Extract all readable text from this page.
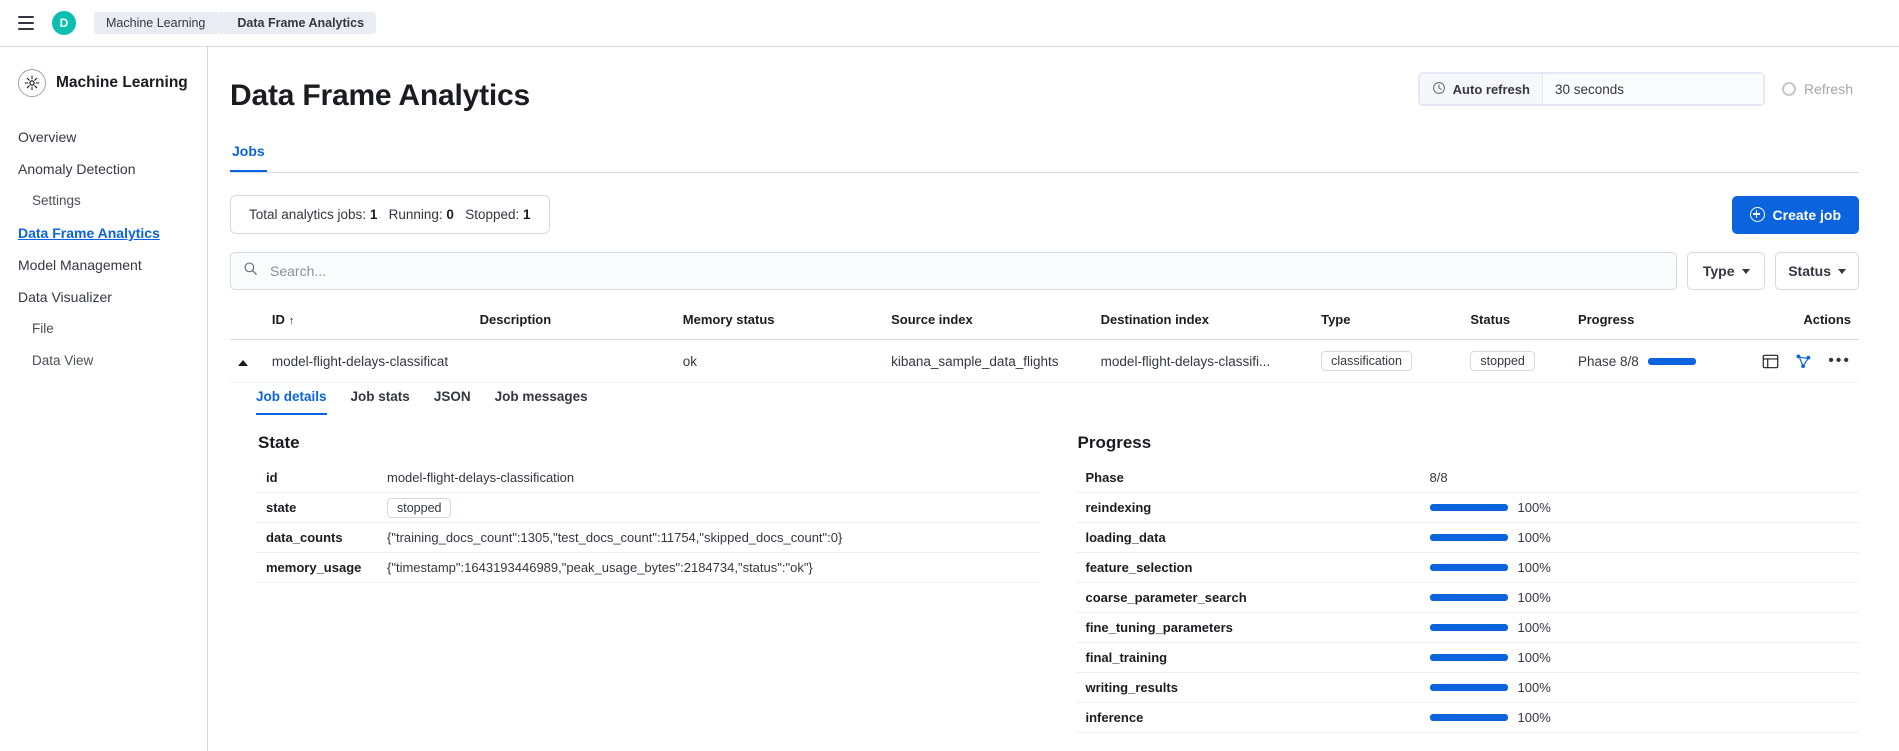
D	Machine Learning	Data Frame Analytics
Machine Learning
Overview
Anomaly Detection
Settings
Data Frame Analytics
Model Management
Data Visualizer
File
Data View
Data Frame Analytics	Auto refresh
30 seconds	Refresh
Jobs
Total analytics jobs: 1 Running: 0 Stopped: 1	Create job
Search...
Type	Status
	ID ↑	Description	Memory status	Source index	Destination index	Type	Status	Progress	Actions
	model-flight-delays-classificat		ok	kibana_sample_data_flights	model-flight-delays-classifi...	classification	stopped	Phase 8/8	•••
Job details Job stats JSON Job messages
State
id	model-flight-delays-classification
state	stopped
data_counts	{"training_docs_count":1305,"test_docs_count":11754,"skipped_docs_count":0}
memory_usage	{"timestamp":1643193446989,"peak_usage_bytes":2184734,"status":"ok"}
Progress
Phase	8/8
reindexing	100%

loading_data	100%

feature_selection	100%

coarse_parameter_search	100%

fine_tuning_parameters	100%

final_training	100%

writing_results	100%

inference	100%
